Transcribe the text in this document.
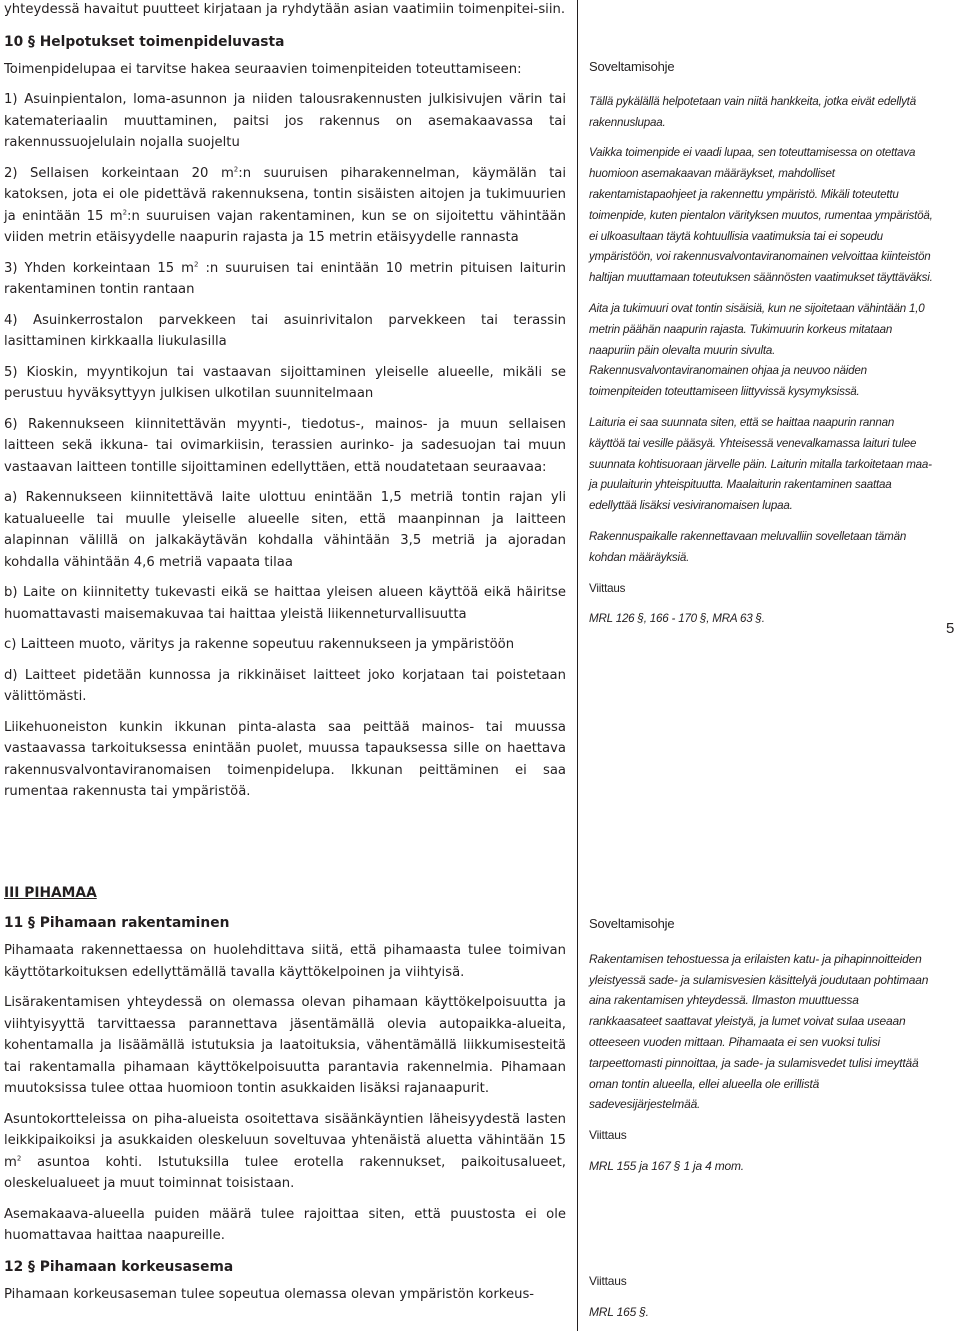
yhteydessä havaitut puutteet kirjataan ja ryhdytään asian vaatimiin toimenpitei-siin.

10 § Helpotukset toimenpideluvasta

Toimenpidelupaa ei tarvitse hakea seuraavien toimenpiteiden toteuttamiseen:

1) Asuinpientalon, loma-asunnon ja niiden talousrakennusten julkisivujen värin tai katemateriaalin muuttaminen, paitsi jos rakennus on asemakaavassa tai rakennussuojelulain nojalla suojeltu

2) Sellaisen korkeintaan 20 $m^2:n$ suuruisen piharakennelman, käymälän tai katoksen, jota ei ole pidettävä rakennuksena, tontin sisäisten aitojen ja tukimuurien ja enintään 15 $m^2:n$ suuruisen vajan rakentaminen, kun se on sijoitettu vähintään viiden metrin etäisyydelle naapurin rajasta ja 15 metrin etäisyydelle rannasta

3) Yhden korkeintaan 15 $m^2$ :n suuruisen tai enintään 10 metrin pituisen laiturin rakentaminen tontin rantaan

4) Asuinkerrostalon parvekkeen tai asuinrivitalon parvekkeen tai terassin lasittaminen kirkkaalla liukulasilla

5) Kioskin, myyntikojun tai vastaavan sijoittaminen yleiselle alueelle, mikäli se perustuu hyväksyttyyn julkisen ulkotilan suunnitelmaan

6) Rakennukseen kiinnitettävän myynti-, tiedotus-, mainos- ja muun sellaisen laitteen sekä ikkuna- tai ovimarkiisin, terassien aurinko- ja sadesuojan tai muun vastaavan laitteen tontille sijoittaminen edellyttäen, että noudatetaan seuraavaa:

a) Rakennukseen kiinnitettävä laite ulottuu enintään 1,5 metriä tontin rajan yli katualueelle tai muulle yleiselle alueelle siten, että maanpinnan ja laitteen alapinnan välillä on jalkakäytävän kohdalla vähintään 3,5 metriä ja ajoradan kohdalla vähintään 4,6 metriä vapaata tilaa

b) Laite on kiinnitetty tukevasti eikä se haittaa yleisen alueen käyttöä eikä häiritse huomattavasti maisemakuvaa tai haittaa yleistä liikenneturvallisuutta

c) Laitteen muoto, väritys ja rakenne sopeutuu rakennukseen ja ympäristöön

d) Laitteet pidetään kunnossa ja rikkinäiset laitteet joko korjataan tai poistetaan välittömästi.

Liikehuoneiston kunkin ikkunan pinta-alasta saa peittää mainos- tai muussa vastaavassa tarkoituksessa enintään puolet, muussa tapauksessa sille on haettava rakennusvalvontaviranomaisen toimenpidelupa. Ikkunan peittäminen ei saa rumentaa rakennusta tai ympäristöä.

Soveltamisohje

Tällä pykälällä helpotetaan vain niitä hankkeita, jotka eivät edellytä rakennuslupaa.

Vaikka toimenpide ei vaadi lupaa, sen toteuttamisessa on otettava huomioon asemakaavan määräykset, mahdolliset rakentamistapaohjeet ja rakennettu ympäristö. Mikäli toteutettu toimenpide, kuten pientalon värityksen muutos, rumentaa ympäristöä, ei ulkoasultaan täytä kohtuullisia vaatimuksia tai ei sopeudu ympäristöön, voi rakennusvalvontaviranomainen velvoittaa kiinteistön haltijan muuttamaan toteutuksen säännösten vaatimukset täyttäväksi.

Aita ja tukimuuri ovat tontin sisäisiä, kun ne sijoitetaan vähintään 1,0 metrin päähän naapurin rajasta. Tukimuurin korkeus mitataan naapuriin päin olevalta muurin sivulta. Rakennusvalvontaviranomainen ohjaa ja neuvoo näiden toimenpiteiden toteuttamiseen liittyvissä kysymyksissä.

Laituria ei saa suunnata siten, että se haittaa naapurin rannan käyttöä tai vesille pääsyä. Yhteisessä venevalkamassa laituri tulee suunnata kohtisuoraan järvelle päin. Laiturin mitalla tarkoitetaan maa- ja puulaiturin yhteispituutta. Maalaiturin rakentaminen saattaa edellyttää lisäksi vesiviranomaisen lupaa.

Rakennuspaikalle rakennettavaan meluvalliin sovelletaan tämän kohdan määräyksiä.

Viittaus

MRL 126 §, 166 - 170 §, MRA 63 §.

5
III PIHAMAA
11 § Pihamaan rakentaminen

Pihamaata rakennettaessa on huolehdittava siitä, että pihamaasta tulee toimivan käyttötarkoituksen edellyttämällä tavalla käyttökelpoinen ja viihtyisä.

Lisärakentamisen yhteydessä on olemassa olevan pihamaan käyttökelpoisuutta ja viihtyisyyttä tarvittaessa parannettava jäsentämällä olevia autopaikka-alueita, kohentamalla ja lisäämällä istutuksia ja laatoituksia, vähentämällä liikkumisesteitä tai rakentamalla pihamaan käyttökelpoisuutta parantavia rakennelmia. Pihamaan muutoksissa tulee ottaa huomioon tontin asukkaiden lisäksi rajanaapurit.

Asuntokortteleissa on piha-alueista osoitettava sisäänkäyntien läheisyydestä lasten leikkipaikoiksi ja asukkaiden oleskeluun soveltuvaa yhtenäistä aluetta vähintään 15 $m^2$ asuntoa kohti. Istutuksilla tulee erotella rakennukset, paikoitusalueet, oleskelualueet ja muut toiminnat toisistaan.

Asemakaava-alueella puiden määrä tulee rajoittaa siten, että puustosta ei ole huomattavaa haittaa naapureille.

12 § Pihamaan korkeusasema

Pihamaan korkeusaseman tulee sopeutua olemassa olevan ympäristön korkeus-

Soveltamisohje

Rakentamisen tehostuessa ja erilaisten katu- ja pihapinnoitteiden yleistyessä sade- ja sulamisvesien käsittelyä joudutaan pohtimaan aina rakentamisen yhteydessä. Ilmaston muuttuessa rankkaasateet saattavat yleistyä, ja lumet voivat sulaa useaan otteeseen vuoden mittaan. Pihamaata ei sen vuoksi tulisi tarpeettomasti pinnoittaa, ja sade- ja sulamisvedet tulisi imeyttää oman tontin alueella, ellei alueella ole erillistä sadevesijärjestelmää.

Viittaus

MRL 155 ja 167 § 1 ja 4 mom.

Viittaus

MRL 165 §.
